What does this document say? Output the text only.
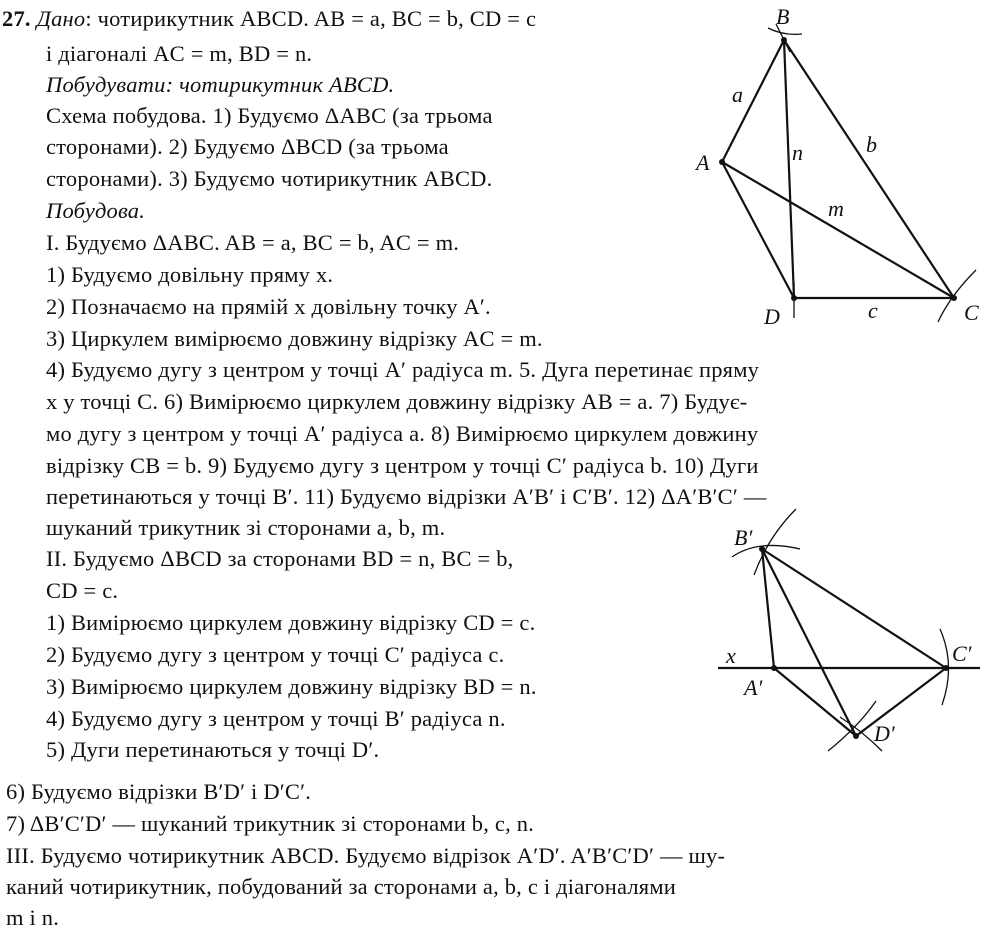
27. Дано: чотирикутник ABCD. AB = a, BC = b, CD = c
і діагоналі AC = m, BD = n.
Побудувати: чотирикутник ABCD.
Схема побудова. 1) Будуємо ΔABC (за трьома
сторонами). 2) Будуємо ΔBCD (за трьома
сторонами). 3) Будуємо чотирикутник ABCD.
Побудова.
I. Будуємо ΔABC. AB = a, BC = b, AC = m.
1) Будуємо довільну пряму x.
2) Позначаємо на прямій x довільну точку A′.
3) Циркулем вимірюємо довжину відрізку AC = m.
4) Будуємо дугу з центром у точці A′ радіуса m. 5. Дуга перетинає пряму
x у точці C. 6) Вимірюємо циркулем довжину відрізку AB = a. 7) Будує-
мо дугу з центром у точці A′ радіуса a. 8) Вимірюємо циркулем довжину
відрізку CB = b. 9) Будуємо дугу з центром у точці C′ радіуса b. 10) Дуги
перетинаються у точці B′. 11) Будуємо відрізки A′B′ і C′B′. 12) ΔA′B′C′ —
шуканий трикутник зі сторонами a, b, m.
II. Будуємо ΔBCD за сторонами BD = n, BC = b,
CD = c.
1) Вимірюємо циркулем довжину відрізку CD = c.
2) Будуємо дугу з центром у точці C′ радіуса c.
3) Вимірюємо циркулем довжину відрізку BD = n.
4) Будуємо дугу з центром у точці B′ радіуса n.
5) Дуги перетинаються у точці D′.
6) Будуємо відрізки B′D′ і D′C′.
7) ΔB′C′D′ — шуканий трикутник зі сторонами b, c, n.
III. Будуємо чотирикутник ABCD. Будуємо відрізок A′D′. A′B′C′D′ — шу-
каний чотирикутник, побудований за сторонами a, b, c і діагоналями
m і n.
B
A
D	C
a
b
n
m
c
B′
A′
C′
D′
x
